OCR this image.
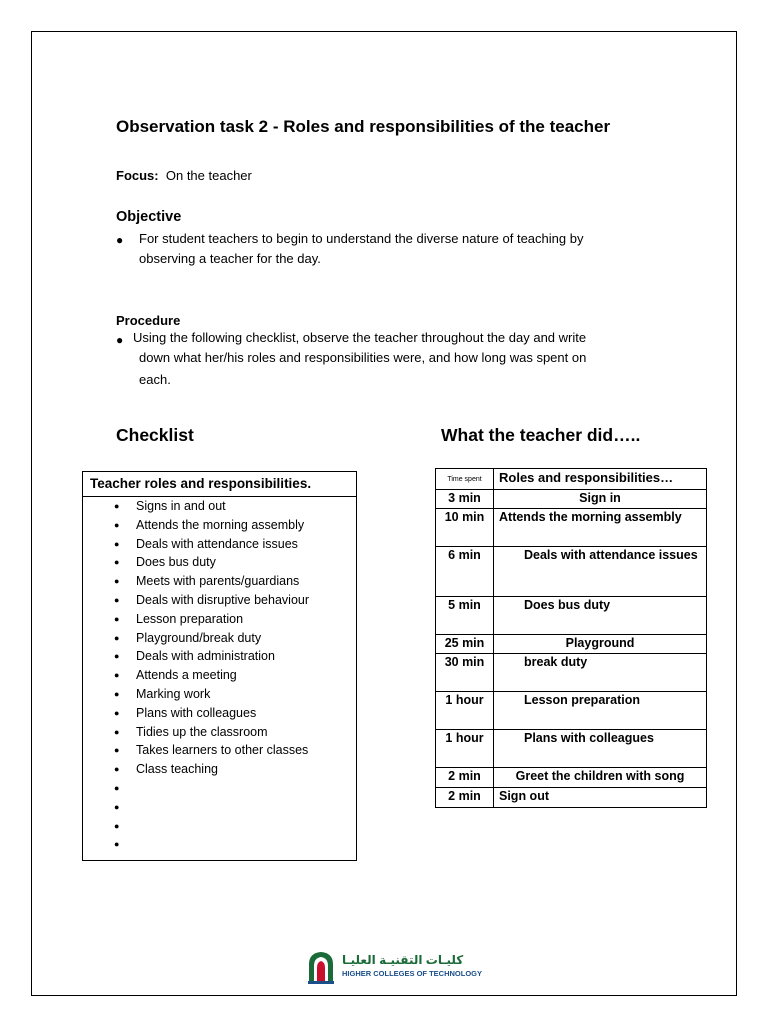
Observation task 2 - Roles and responsibilities of the teacher
Focus: On the teacher
Objective
● For student teachers to begin to understand the diverse nature of teaching by
observing a teacher for the day.
Procedure
● Using the following checklist, observe the teacher throughout the day and write
down what her/his roles and responsibilities were, and how long was spent on
each.
Checklist	What the teacher did…..
Teacher roles and responsibilities.
● Signs in and out
● Attends the morning assembly
● Deals with attendance issues
● Does bus duty
● Meets with parents/guardians
● Deals with disruptive behaviour
● Lesson preparation
● Playground/break duty
● Deals with administration
● Attends a meeting
● Marking work
● Plans with colleagues
● Tidies up the classroom
● Takes learners to other classes
● Class teaching
●
●
●
●
Time spent	Roles and responsibilities…
3 min	Sign in
10 min	Attends the morning assembly
6 min	Deals with attendance issues
5 min	Does bus duty
25 min	Playground
30 min	break duty
1 hour	Lesson preparation
1 hour	Plans with colleagues
2 min	Greet the children with song
2 min	Sign out
كليـات التقنيـة العليـا
HIGHER COLLEGES OF TECHNOLOGY
